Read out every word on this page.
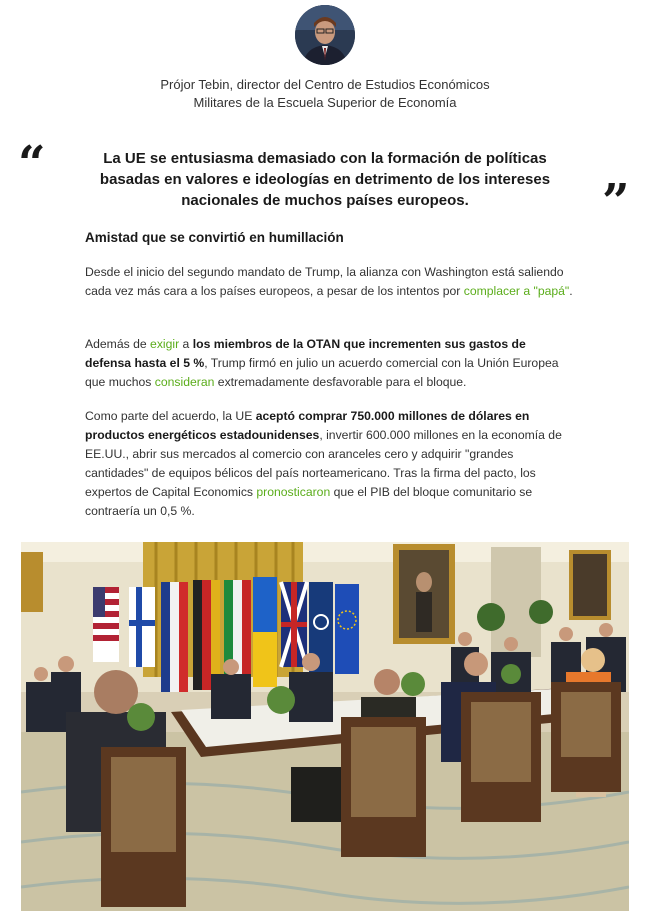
Prójor Tebin, director del Centro de Estudios Económicos Militares de la Escuela Superior de Economía
“	La UE se entusiasma demasiado con la formación de políticas basadas en valores e ideologías en detrimento de los intereses nacionales de muchos países europeos.	”
Amistad que se convirtió en humillación

Desde el inicio del segundo mandato de Trump, la alianza con Washington está saliendo cada vez más cara a los países europeos, a pesar de los intentos por complacer a "papá".

Además de exigir a los miembros de la OTAN que incrementen sus gastos de defensa hasta el 5 %, Trump firmó en julio un acuerdo comercial con la Unión Europea que muchos consideran extremadamente desfavorable para el bloque.

Como parte del acuerdo, la UE aceptó comprar 750.000 millones de dólares en productos energéticos estadounidenses, invertir 600.000 millones en la economía de EE.UU., abrir sus mercados al comercio con aranceles cero y adquirir "grandes cantidades" de equipos bélicos del país norteamericano. Tras la firma del pacto, los expertos de Capital Economics pronosticaron que el PIB del bloque comunitario se contraería un 0,5 %.
